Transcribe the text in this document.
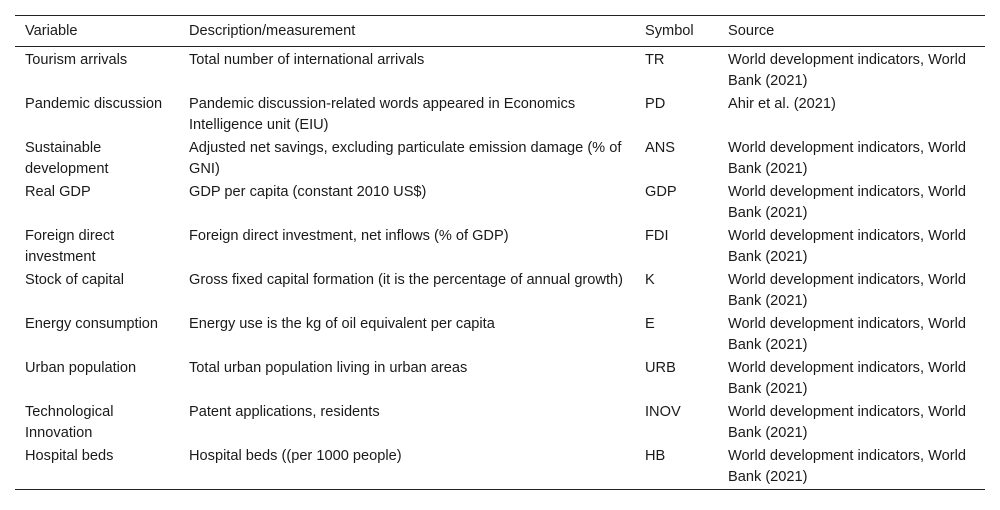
Variable	Description/measurement	Symbol	Source
Tourism arrivals	Total number of international arrivals	TR	World development indicators, World Bank (2021)
Pandemic discussion	Pandemic discussion-related words appeared in Economics Intelligence unit (EIU)	PD	Ahir et al. (2021)
Sustainable development	Adjusted net savings, excluding particulate emission damage (% of GNI)	ANS	World development indicators, World Bank (2021)
Real GDP	GDP per capita (constant 2010 US$)	GDP	World development indicators, World Bank (2021)
Foreign direct investment	Foreign direct investment, net inflows (% of GDP)	FDI	World development indicators, World Bank (2021)
Stock of capital	Gross fixed capital formation (it is the percentage of annual growth)	K	World development indicators, World Bank (2021)
Energy consumption	Energy use is the kg of oil equivalent per capita	E	World development indicators, World Bank (2021)
Urban population	Total urban population living in urban areas	URB	World development indicators, World Bank (2021)
Technological Innovation	Patent applications, residents	INOV	World development indicators, World Bank (2021)
Hospital beds	Hospital beds ((per 1000 people)	HB	World development indicators, World Bank (2021)
